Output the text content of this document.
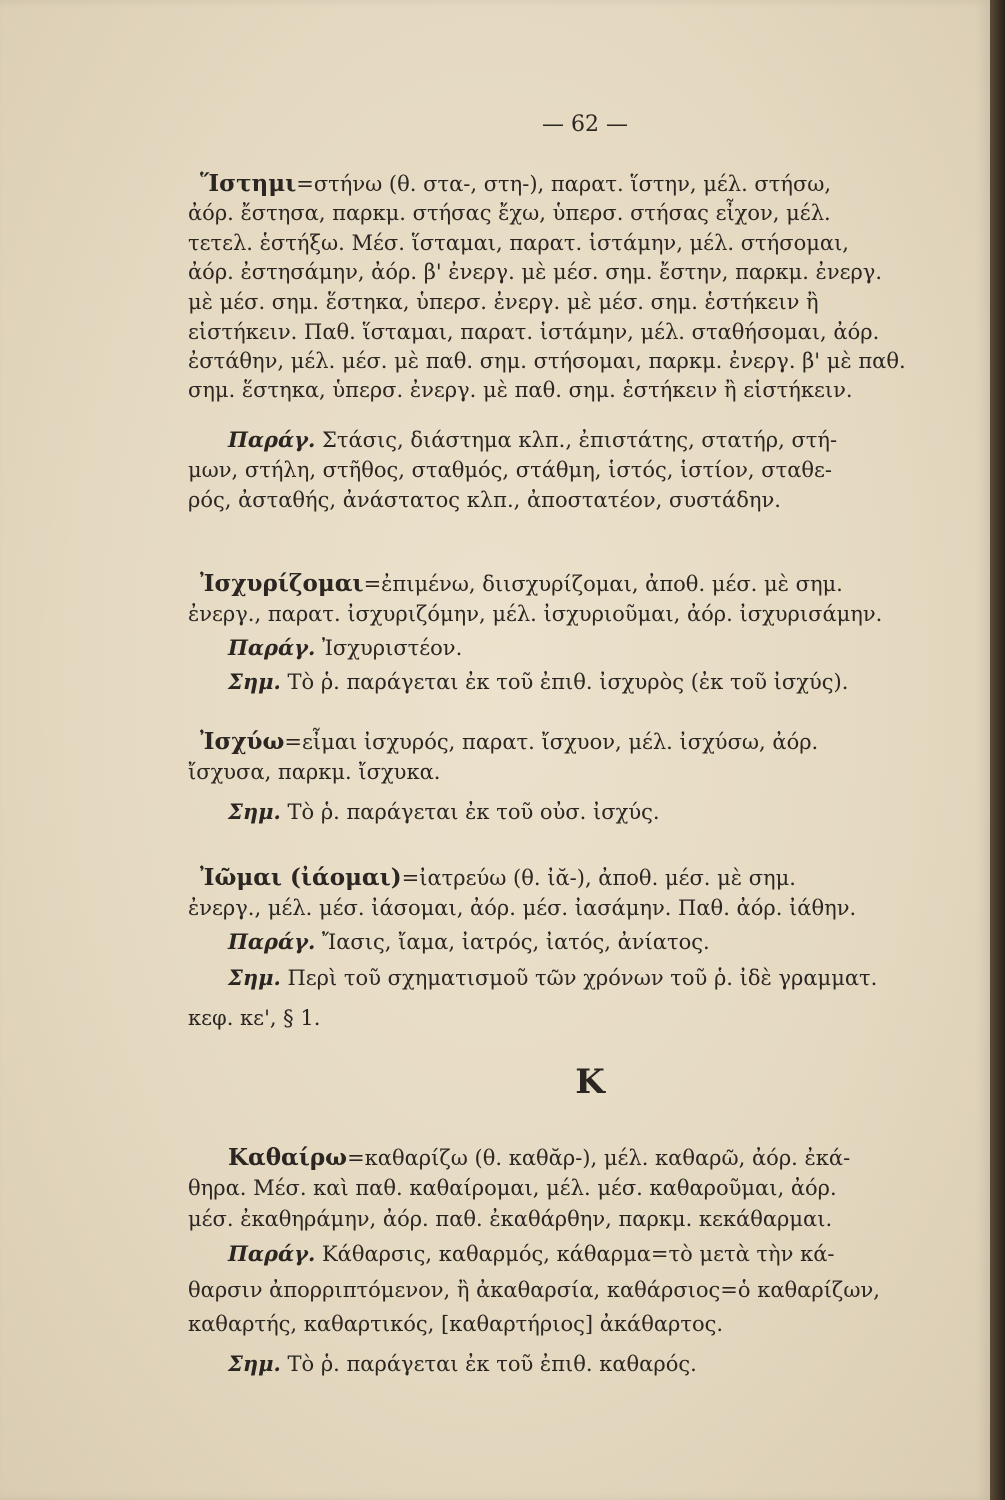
— 62 —
Ἵστημι=στήνω (θ. στα-, στη-), παρατ. ἵστην, μέλ. στήσω,
ἀόρ. ἔστησα, παρκμ. στήσας ἔχω, ὑπερσ. στήσας εἶχον, μέλ.
τετελ. ἑστήξω. Μέσ. ἵσταμαι, παρατ. ἱστάμην, μέλ. στήσομαι,
ἀόρ. ἐστησάμην, ἀόρ. β' ἐνεργ. μὲ μέσ. σημ. ἔστην, παρκμ. ἐνεργ.
μὲ μέσ. σημ. ἕστηκα, ὑπερσ. ἐνεργ. μὲ μέσ. σημ. ἑστήκειν ἢ
εἱστήκειν. Παθ. ἵσταμαι, παρατ. ἱστάμην, μέλ. σταθήσομαι, ἀόρ.
ἐστάθην, μέλ. μέσ. μὲ παθ. σημ. στήσομαι, παρκμ. ἐνεργ. β' μὲ παθ.
σημ. ἕστηκα, ὑπερσ. ἐνεργ. μὲ παθ. σημ. ἑστήκειν ἢ εἱστήκειν.
Παράγ. Στάσις, διάστημα κλπ., ἐπιστάτης, στατήρ, στή-
μων, στήλη, στῆθος, σταθμός, στάθμη, ἱστός, ἱστίον, σταθε-
ρός, ἀσταθής, ἀνάστατος κλπ., ἀποστατέον, συστάδην.
Ἰσχυρίζομαι=ἐπιμένω, διισχυρίζομαι, ἀποθ. μέσ. μὲ σημ.
ἐνεργ., παρατ. ἰσχυριζόμην, μέλ. ἰσχυριοῦμαι, ἀόρ. ἰσχυρισάμην.
Παράγ. Ἰσχυριστέον.
Σημ. Τὸ ῥ. παράγεται ἐκ τοῦ ἐπιθ. ἰσχυρὸς (ἐκ τοῦ ἰσχύς).
Ἰσχύω=εἶμαι ἰσχυρός, παρατ. ἴσχυον, μέλ. ἰσχύσω, ἀόρ.
ἴσχυσα, παρκμ. ἴσχυκα.
Σημ. Τὸ ῥ. παράγεται ἐκ τοῦ οὐσ. ἰσχύς.
Ἰῶμαι (ἰάομαι)=ἰατρεύω (θ. ἰᾰ-), ἀποθ. μέσ. μὲ σημ.
ἐνεργ., μέλ. μέσ. ἰάσομαι, ἀόρ. μέσ. ἰασάμην. Παθ. ἀόρ. ἰάθην.
Παράγ. Ἴασις, ἴαμα, ἰατρός, ἰατός, ἀνίατος.
Σημ. Περὶ τοῦ σχηματισμοῦ τῶν χρόνων τοῦ ῥ. ἰδὲ γραμματ.
κεφ. κε', § 1.
Κ
Καθαίρω=καθαρίζω (θ. καθᾰρ-), μέλ. καθαρῶ, ἀόρ. ἐκά-
θηρα. Μέσ. καὶ παθ. καθαίρομαι, μέλ. μέσ. καθαροῦμαι, ἀόρ.
μέσ. ἐκαθηράμην, ἀόρ. παθ. ἐκαθάρθην, παρκμ. κεκάθαρμαι.
Παράγ. Κάθαρσις, καθαρμός, κάθαρμα=τὸ μετὰ τὴν κά-
θαρσιν ἀπορριπτόμενον, ἢ ἀκαθαρσία, καθάρσιος=ὁ καθαρίζων,
καθαρτής, καθαρτικός, [καθαρτήριος] ἀκάθαρτος.
Σημ. Τὸ ῥ. παράγεται ἐκ τοῦ ἐπιθ. καθαρός.
